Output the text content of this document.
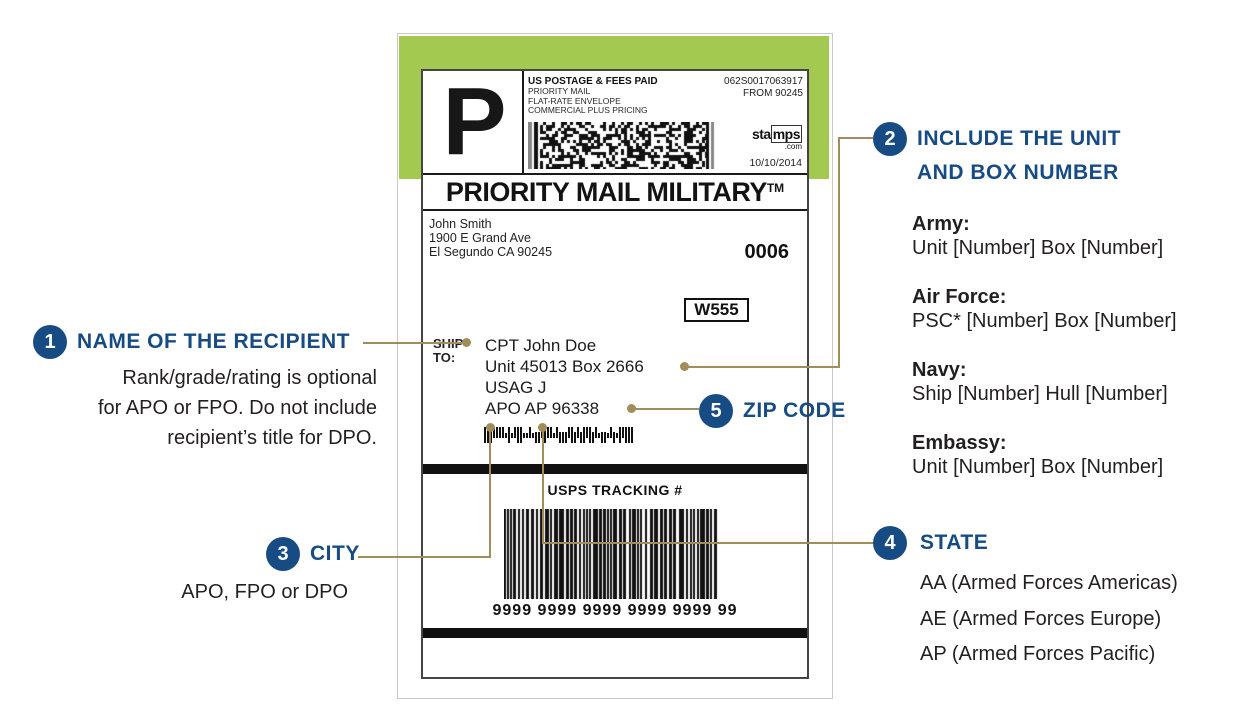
P	US POSTAGE & FEES PAID
PRIORITY MAIL
FLAT-RATE ENVELOPE
COMMERCIAL PLUS PRICING
062S0017063917
FROM 90245
sta mps
.com
10/10/2014
PRIORITY MAIL MILITARY™
John Smith
1900 E Grand Ave
El Segundo CA 90245	0006
W555
TO:
CPT John Doe
Unit 45013 Box 2666
USAG J
APO AP 96338
USPS TRACKING #
9999 9999 9999 9999 9999 99
1	NAME OF THE RECIPIENT
Rank/grade/rating is optional
for APO or FPO. Do not include
recipient’s title for DPO.
2	INCLUDE THE UNIT
AND BOX NUMBER
Army:
Unit [Number] Box [Number]
Air Force:
PSC* [Number] Box [Number]
Navy:
Ship [Number] Hull [Number]
Embassy:
Unit [Number] Box [Number]
3	CITY
APO, FPO or DPO
4	STATE
AA (Armed Forces Americas)
AE (Armed Forces Europe)
AP (Armed Forces Pacific)
5	ZIP CODE
